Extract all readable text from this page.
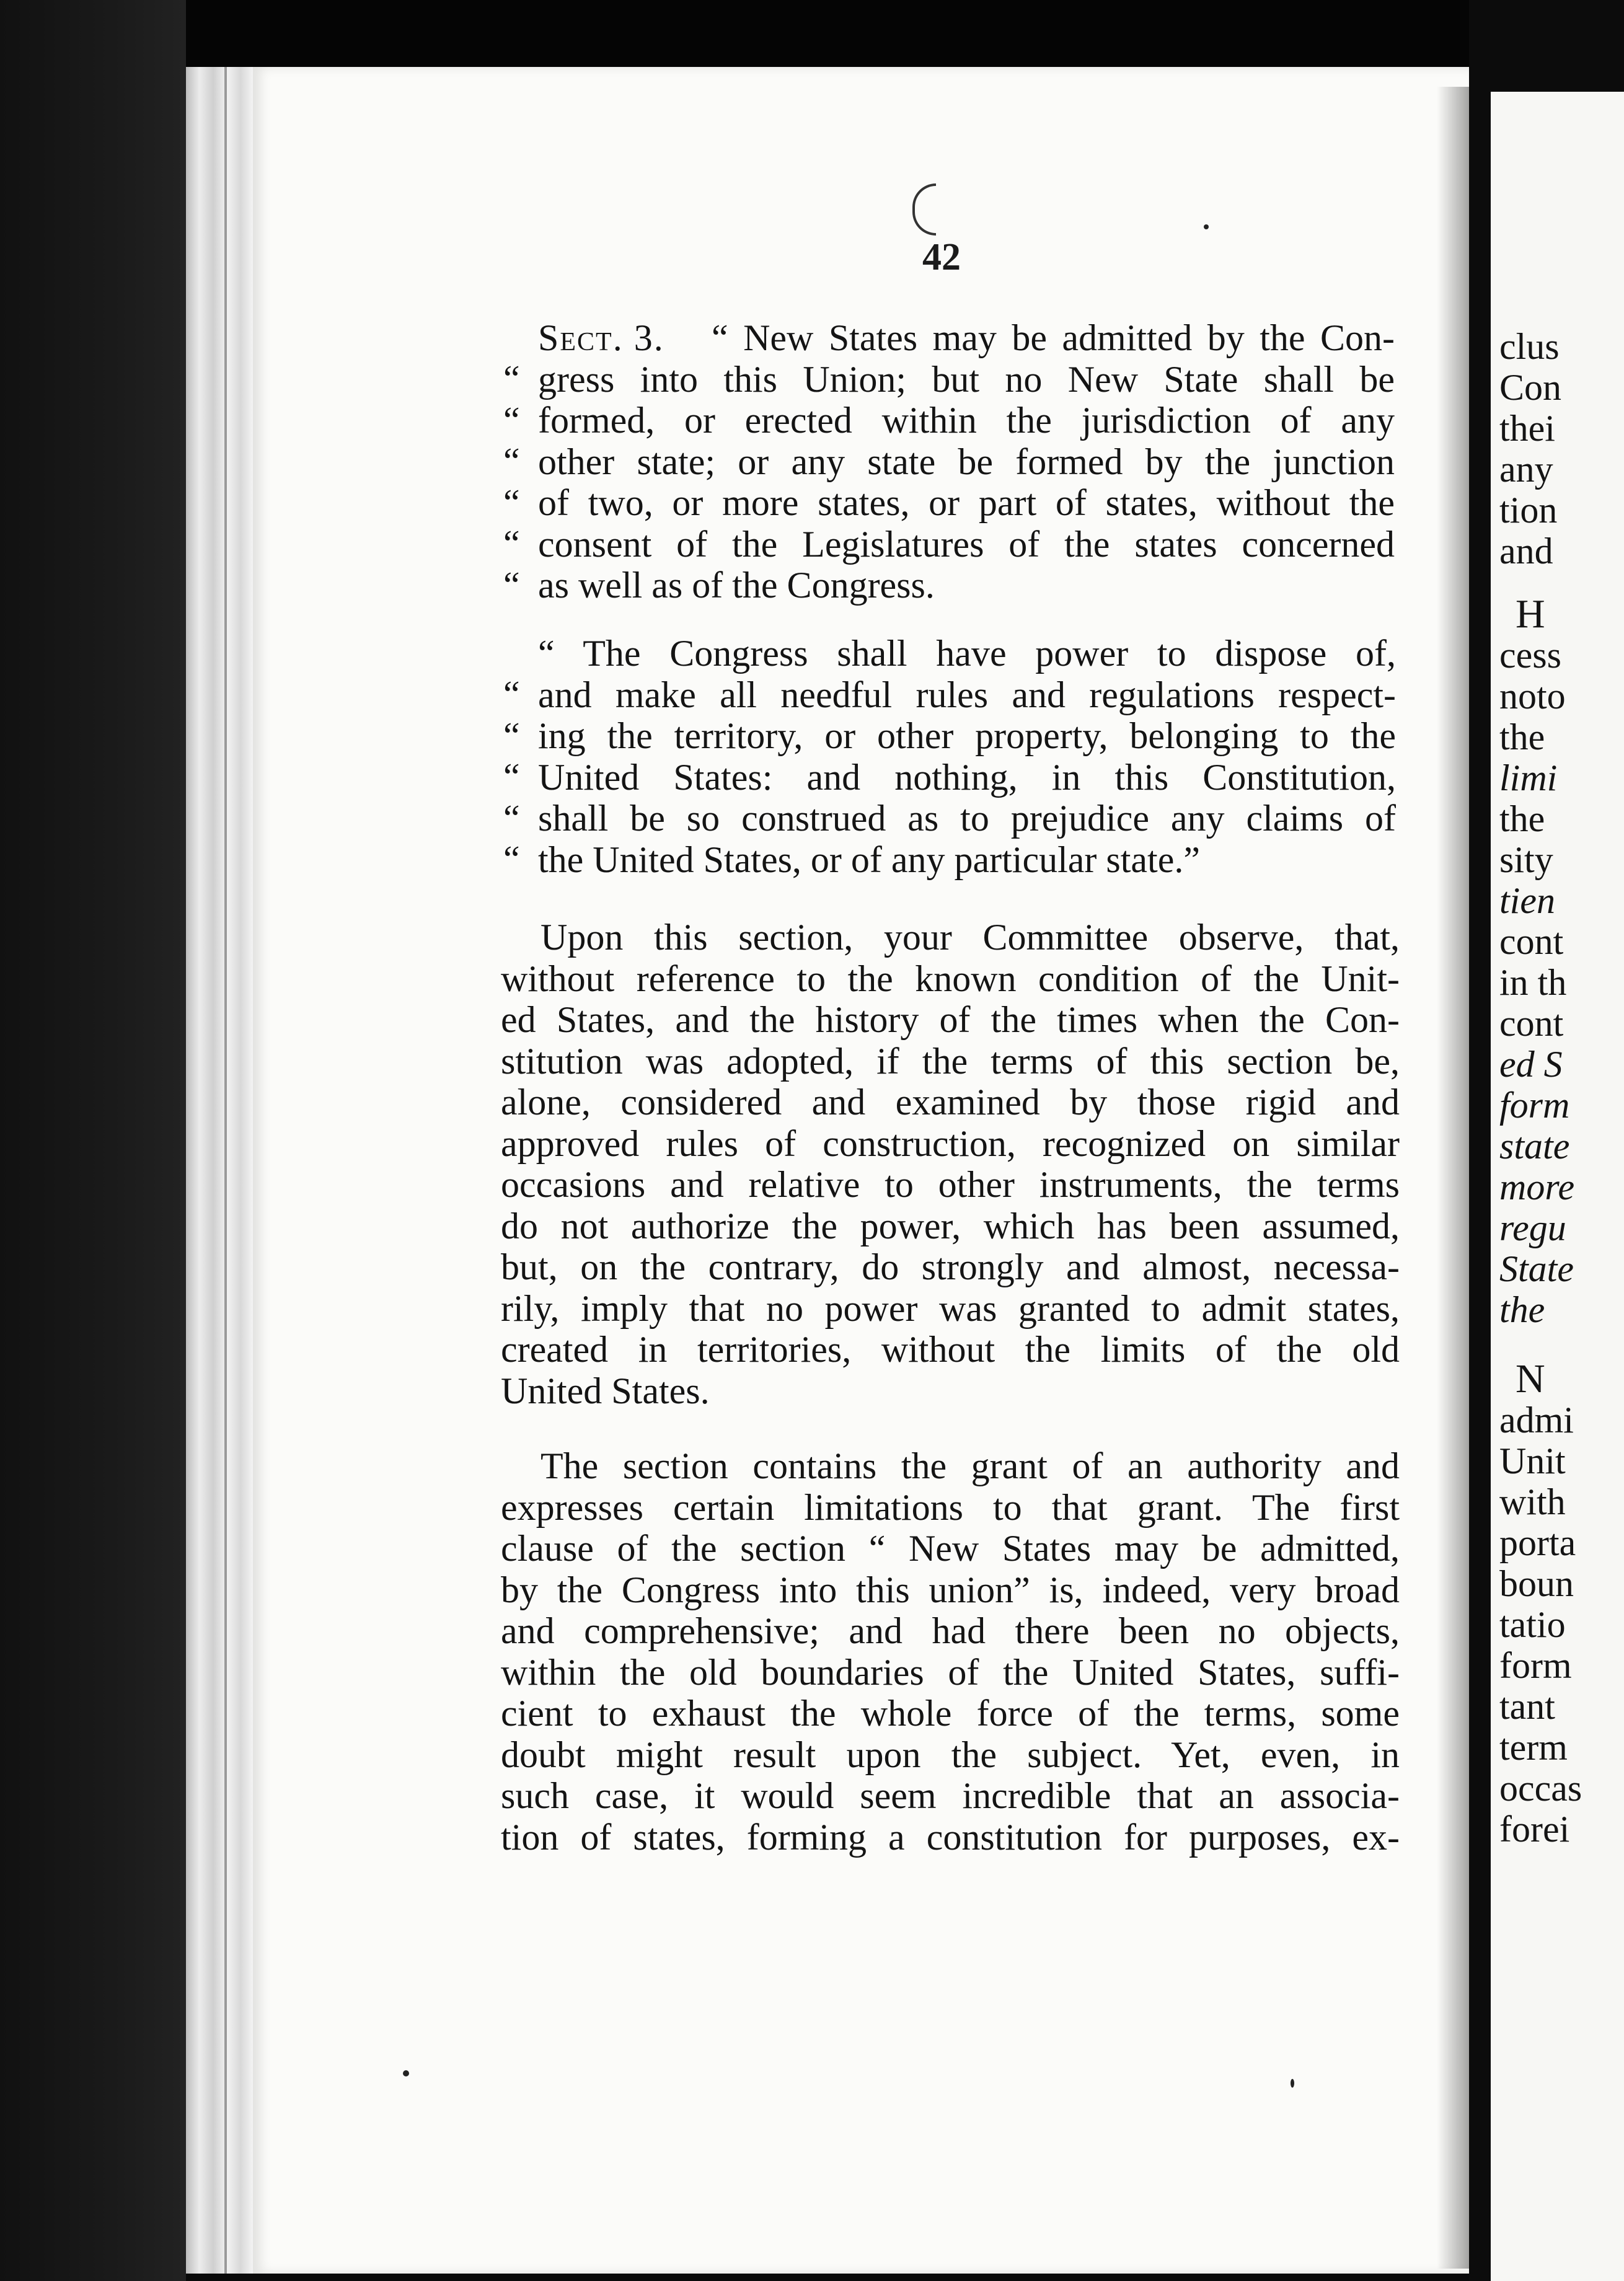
clus
Con
thei
any
tion
and
H
cess
noto
the
limi
the
sity
tien
cont
in th
cont
ed S
form
state
more
regu
State
the
N
admi
Unit
with
porta
boun
tatio
form
tant
term
occas
forei
42
Sect. 3.	“ New States may be admitted by the Con-
gress into this Union; but no New State shall be
formed, or erected within the jurisdiction of any
other state; or any state be formed by the junction
of two, or more states, or part of states, without the
consent of the Legislatures of the states concerned
as well as of the Congress.
“
“
“
“
“
“
“ The Congress shall have power to dispose of,
and make all needful rules and regulations respect-
ing the territory, or other property, belonging to the
United States: and nothing, in this Constitution,
shall be so construed as to prejudice any claims of
the United States, or of any particular state.”
“
“
“
“
“
Upon this section, your Committee observe, that,
without reference to the known condition of the Unit-
ed States, and the history of the times when the Con-
stitution was adopted, if the terms of this section be,
alone, considered and examined by those rigid and
approved rules of construction, recognized on similar
occasions and relative to other instruments, the terms
do not authorize the power, which has been assumed,
but, on the contrary, do strongly and almost, necessa-
rily, imply that no power was granted to admit states,
created in territories, without the limits of the old
United States.
The section contains the grant of an authority and
expresses certain limitations to that grant. The first
clause of the section “ New States may be admitted,
by the Congress into this union” is, indeed, very broad
and comprehensive; and had there been no objects,
within the old boundaries of the United States, suffi-
cient to exhaust the whole force of the terms, some
doubt might result upon the subject. Yet, even, in
such case, it would seem incredible that an associa-
tion of states, forming a constitution for purposes, ex-
